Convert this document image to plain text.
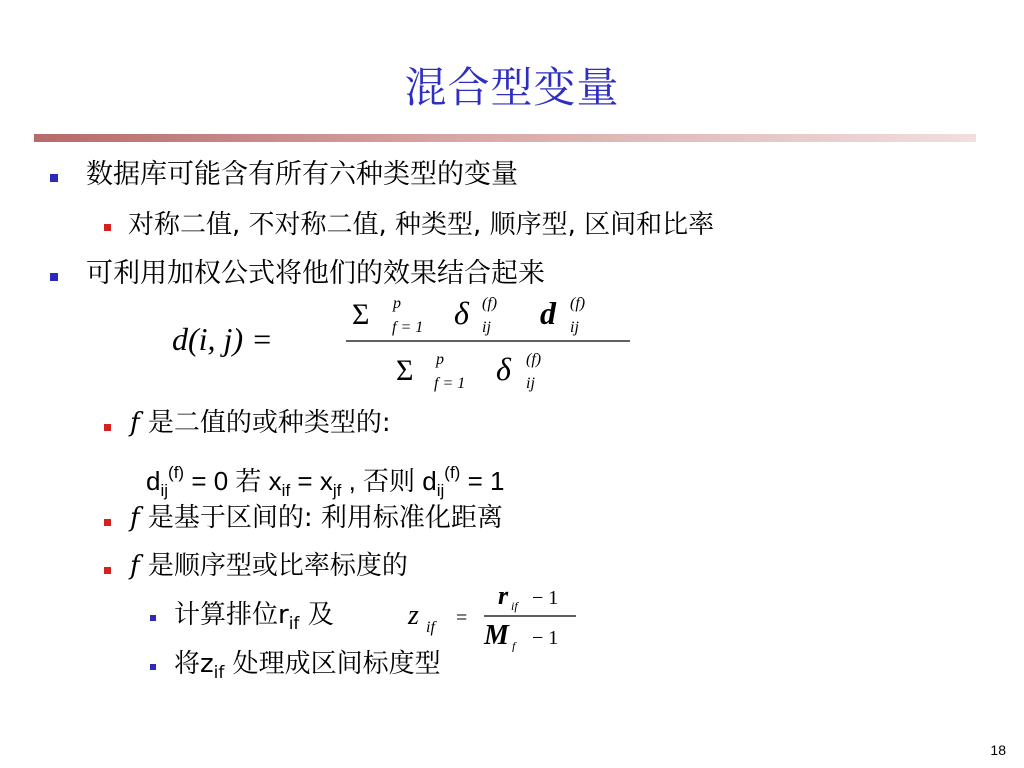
混合型变量
数据库可能含有所有六种类型的变量
对称二值, 不对称二值, 种类型, 顺序型, 区间和比率
可利用加权公式将他们的效果结合起来
d(i, j) =
Σ p
f = 1 δ (f)
ij d (f)
ij
Σ p
f = 1 δ (f)
ij
f 是二值的或种类型的:
$d_{ij}^{(f)} = 0$ 若 $x_{if} = x_{jf}$ , 否则 $d_{ij}^{(f)} = 1$
f 是基于区间的: 利用标准化距离
f 是顺序型或比率标度的
计算排位$r_{if}$ 及	z if =
r if − 1
M f − 1
将$z_{if}$ 处理成区间标度型
18
